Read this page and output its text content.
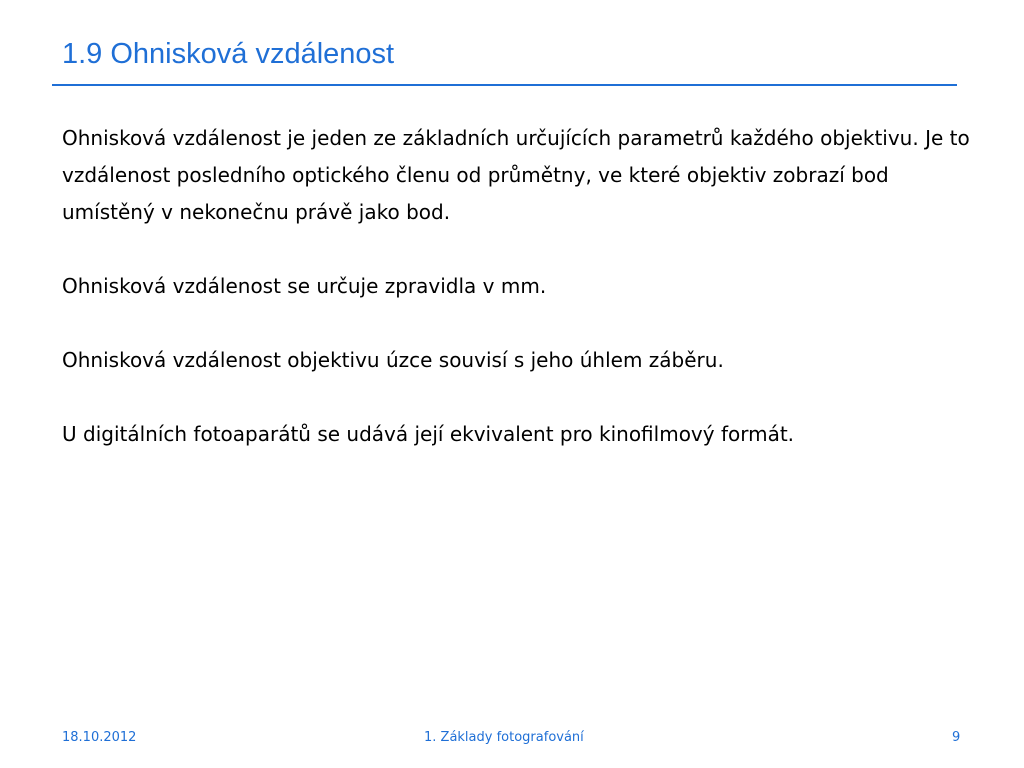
1.9 Ohnisková vzdálenost

Ohnisková vzdálenost je jeden ze základních určujících parametrů každého objektivu. Je to vzdálenost posledního optického členu od průmětny, ve které objektiv zobrazí bod umístěný v nekonečnu právě jako bod.

Ohnisková vzdálenost se určuje zpravidla v mm.

Ohnisková vzdálenost objektivu úzce souvisí s jeho úhlem záběru.

U digitálních fotoaparátů se udává její ekvivalent pro kinofilmový formát.

18.10.2012	1. Základy fotografování	9
